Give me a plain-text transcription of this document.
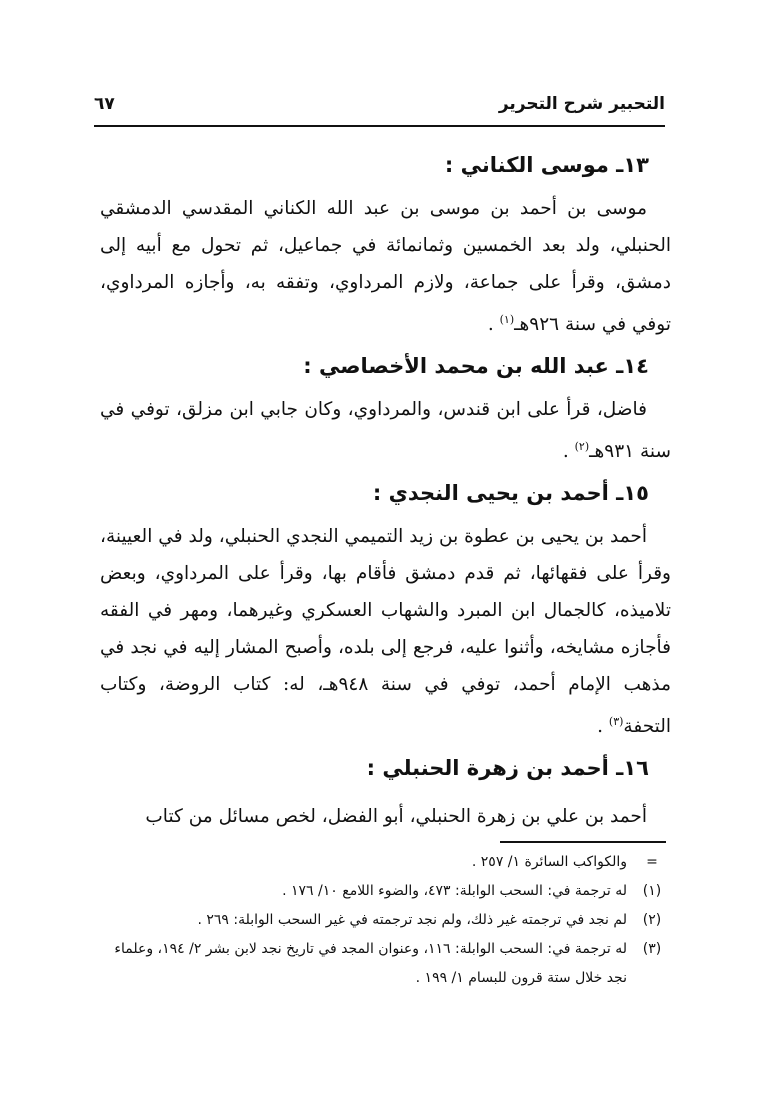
التحبير شرح التحرير
٦٧
١٣ـ موسى الكناني :

موسى بن أحمد بن موسى بن عبد الله الكناني المقدسي الدمشقي الحنبلي، ولد بعد الخمسين وثمانمائة في جماعيل، ثم تحول مع أبيه إلى دمشق، وقرأ على جماعة، ولازم المرداوي، وتفقه به، وأجازه المرداوي، توفي في سنة ٩٢٦هـ$^{(١)}$ .

١٤ـ عبد الله بن محمد الأخصاصي :

فاضل، قرأ على ابن قندس، والمرداوي، وكان جابي ابن مزلق، توفي في سنة ٩٣١هـ$^{(٢)}$ .

١٥ـ أحمد بن يحيى النجدي :

أحمد بن يحيى بن عطوة بن زيد التميمي النجدي الحنبلي، ولد في العيينة، وقرأ على فقهائها، ثم قدم دمشق فأقام بها، وقرأ على المرداوي، وبعض تلاميذه، كالجمال ابن المبرد والشهاب العسكري وغيرهما، ومهر في الفقه فأجازه مشايخه، وأثنوا عليه، فرجع إلى بلده، وأصبح المشار إليه في نجد في مذهب الإمام أحمد، توفي في سنة ٩٤٨هـ، له: كتاب الروضة، وكتاب التحفة$^{(٣)}$ .

١٦ـ أحمد بن زهرة الحنبلي :

أحمد بن علي بن زهرة الحنبلي، أبو الفضل، لخص مسائل من كتاب

=
والكواكب السائرة ١/ ٢٥٧ .
(١)
له ترجمة في: السحب الوابلة: ٤٧٣، والضوء اللامع ١٠/ ١٧٦ .
(٢)
لم نجد في ترجمته غير ذلك، ولم نجد ترجمته في غير السحب الوابلة: ٢٦٩ .
(٣)
له ترجمة في: السحب الوابلة: ١١٦، وعنوان المجد في تاريخ نجد لابن بشر ٢/ ١٩٤، وعلماء نجد خلال ستة قرون للبسام ١/ ١٩٩ .
